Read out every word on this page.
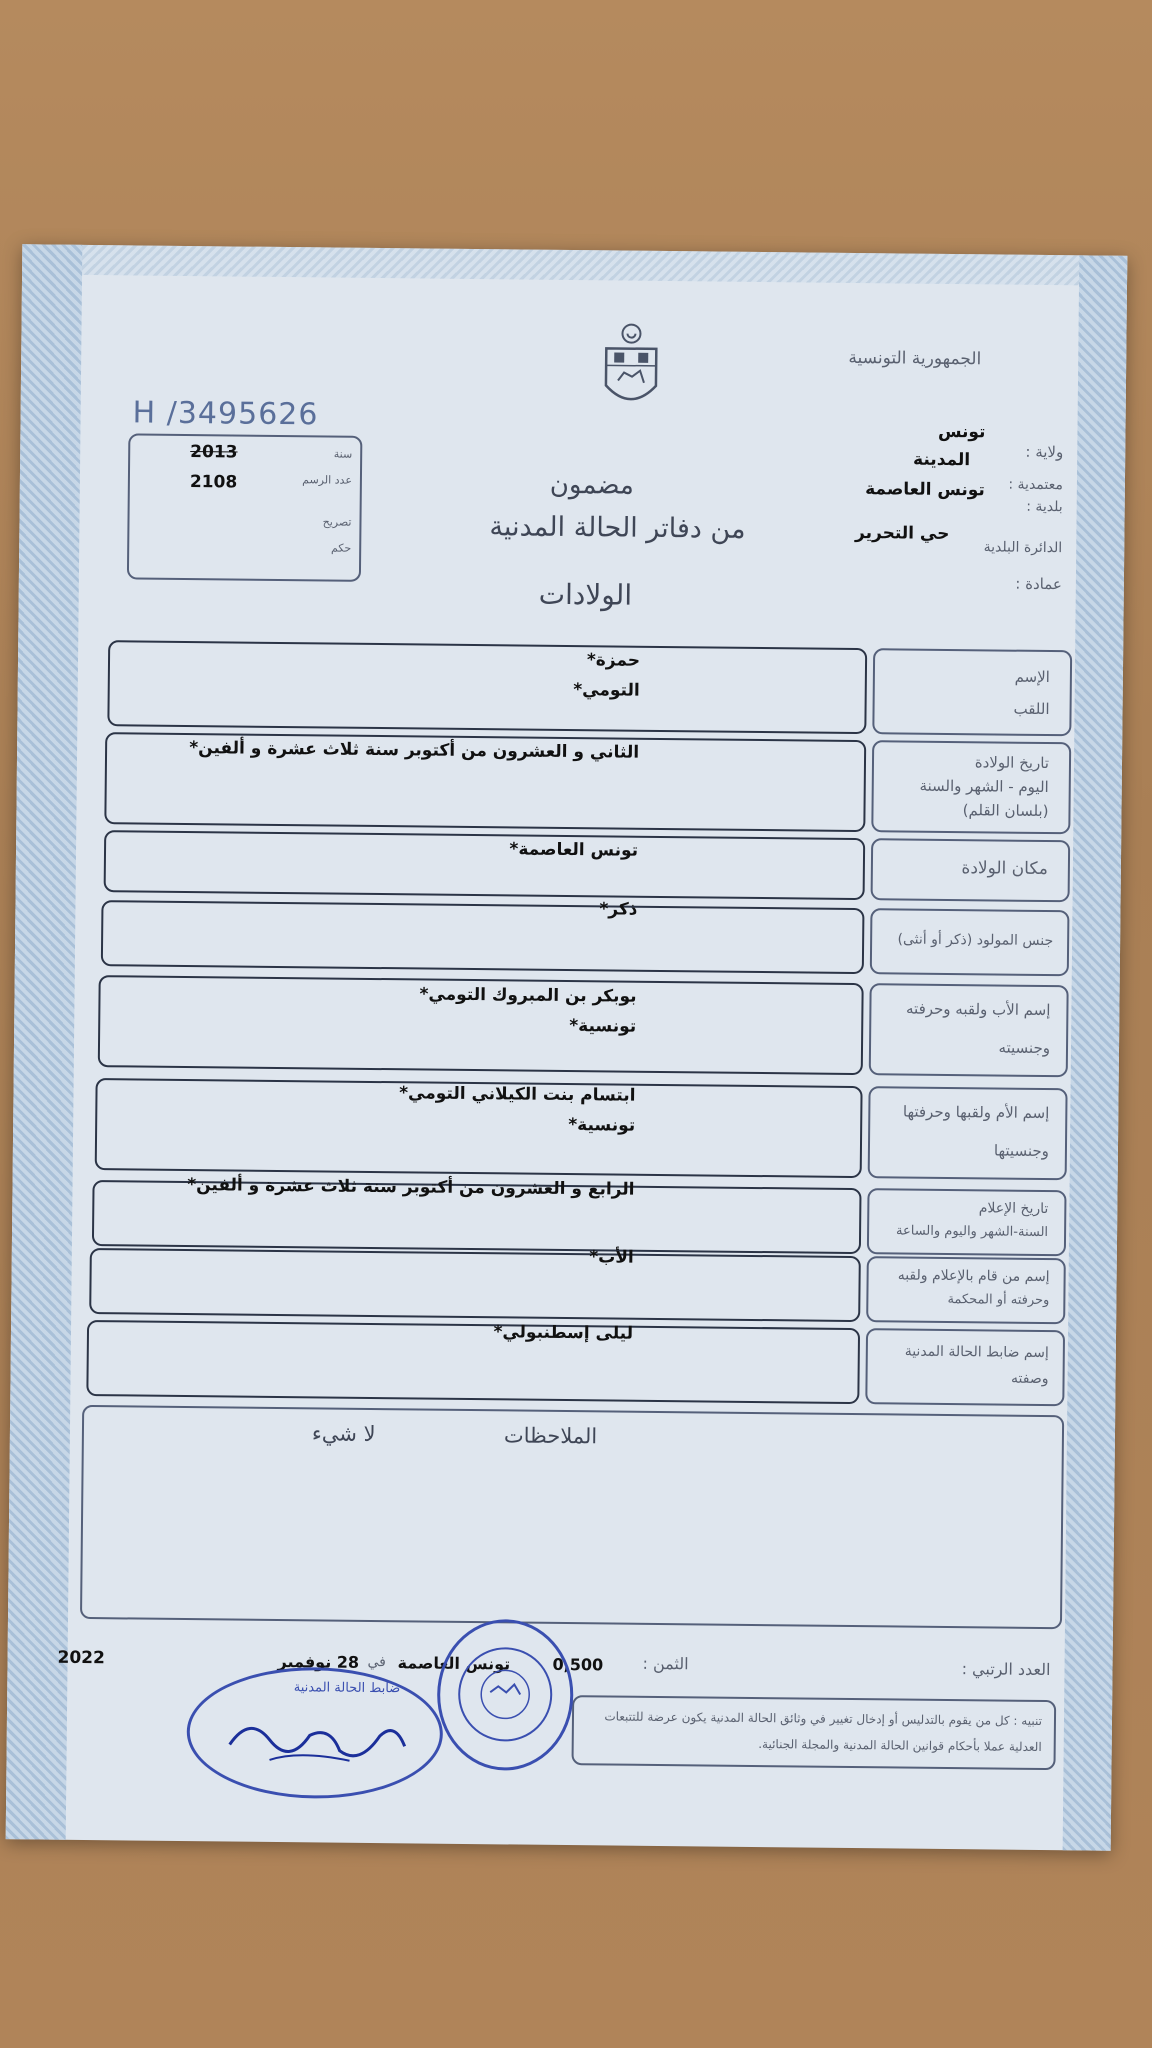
الجمهورية التونسية
H /3495626
2013
2108
سنة
عدد الرسم
تصريح
حكم
ولاية :
معتمدية :
بلدية :
الدائرة البلدية
عمادة :
تونس
المدينة
تونس العاصمة
حي التحرير
مضمون
من دفاتر الحالة المدنية
الولادات
حمزة*
التومي*
الإسم
اللقب
الثاني و العشرون من أكتوبر سنة ثلاث عشرة و ألفين*	تاريخ الولادة
اليوم - الشهر والسنة
(بلسان القلم)
تونس العاصمة*
مكان الولادة
ذكر*
جنس المولود (ذكر أو أنثى)
بوبكر بن المبروك التومي*
تونسية*
إسم الأب ولقبه وحرفته
وجنسيته
ابتسام بنت الكيلاني التومي*
تونسية*
إسم الأم ولقبها وحرفتها
وجنسيتها
الرابع و العشرون من أكتوبر سنة ثلاث عشرة و ألفين*
تاريخ الإعلام
السنة-الشهر واليوم والساعة
الأب*
إسم من قام بالإعلام ولقبه
وحرفته أو المحكمة
ليلى إسطنبولي*
إسم ضابط الحالة المدنية
وصفته
الملاحظات
لا شيء
العدد الرتبي :
الثمن :
0,500
تونس العاصمة
في
28 نوفمبر
2022
تنبيه : كل من يقوم بالتدليس أو إدخال تغيير في وثائق الحالة المدنية يكون عرضة للتتبعات العدلية عملا بأحكام قوانين الحالة المدنية والمجلة الجنائية.
ضابط الحالة المدنية
